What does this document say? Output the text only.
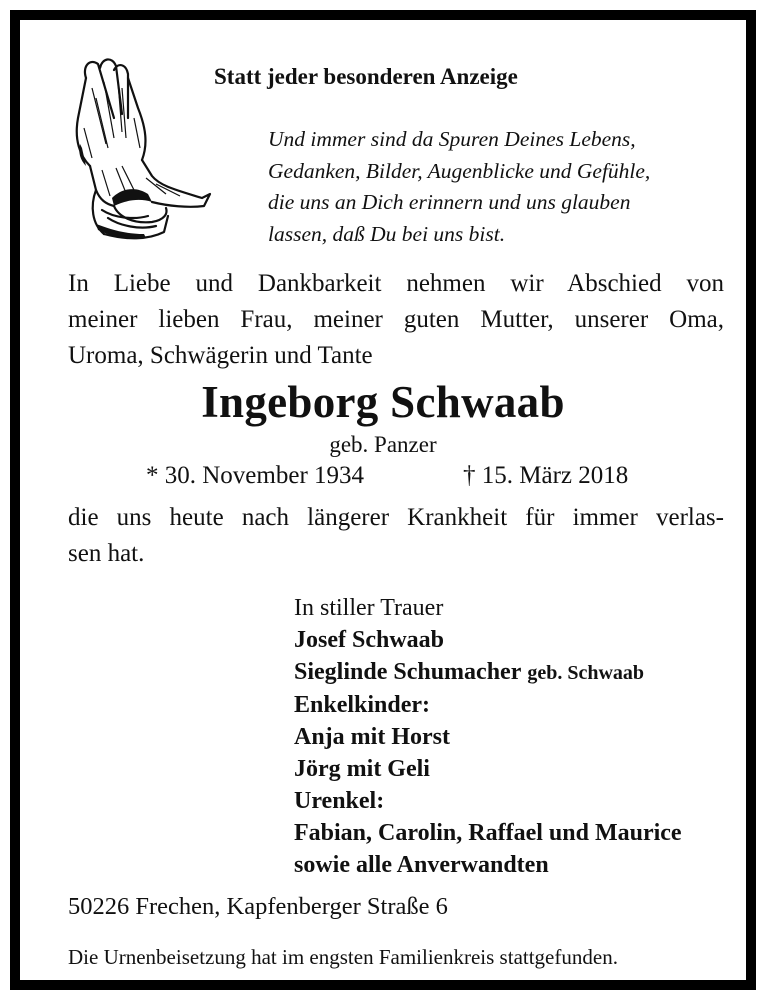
Statt jeder besonderen Anzeige
Und immer sind da Spuren Deines Lebens,
Gedanken, Bilder, Augenblicke und Gefühle,
die uns an Dich erinnern und uns glauben
lassen, daß Du bei uns bist.
In Liebe und Dankbarkeit nehmen wir Abschied von
meiner lieben Frau, meiner guten Mutter, unserer Oma,
Uroma, Schwägerin und Tante
Ingeborg Schwaab
geb. Panzer
* 30. November 1934	† 15. März 2018
die uns heute nach längerer Krankheit für immer verlas-
sen hat.
In stiller Trauer
Josef Schwaab
Sieglinde Schumacher geb. Schwaab
Enkelkinder:
Anja mit Horst
Jörg mit Geli
Urenkel:
Fabian, Carolin, Raffael und Maurice
sowie alle Anverwandten
50226 Frechen, Kapfenberger Straße 6
Die Urnenbeisetzung hat im engsten Familienkreis stattgefunden.
